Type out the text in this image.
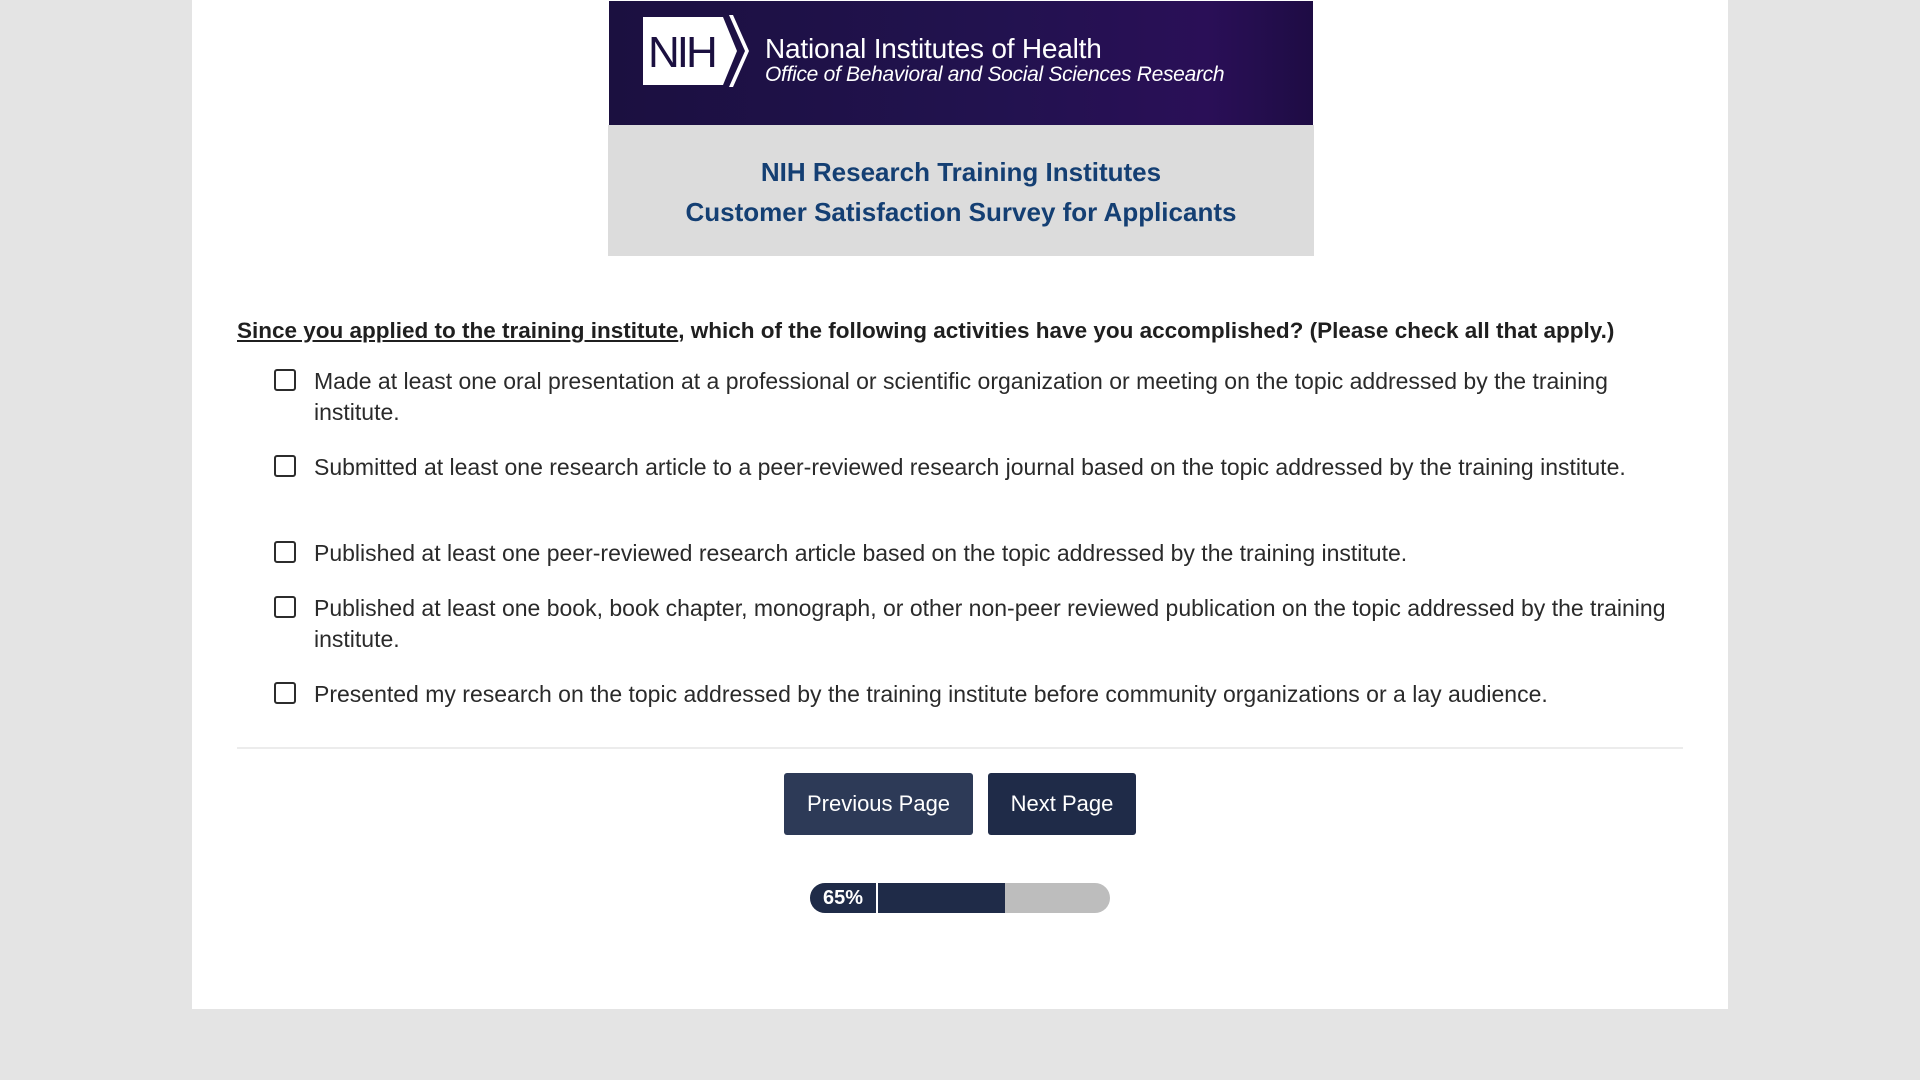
NIH National Institutes of Health
Office of Behavioral and Social Sciences Research
NIH Research Training Institutes
Customer Satisfaction Survey for Applicants
Since you applied to the training institute, which of the following activities have you accomplished? (Please check all that apply.)
Made at least one oral presentation at a professional or scientific organization or meeting on the topic addressed by the training institute.
Submitted at least one research article to a peer-reviewed research journal based on the topic addressed by the training institute.
Published at least one peer-reviewed research article based on the topic addressed by the training institute.
Published at least one book, book chapter, monograph, or other non-peer reviewed publication on the topic addressed by the training institute.
Presented my research on the topic addressed by the training institute before community organizations or a lay audience.
Previous Page	Next Page
65%
